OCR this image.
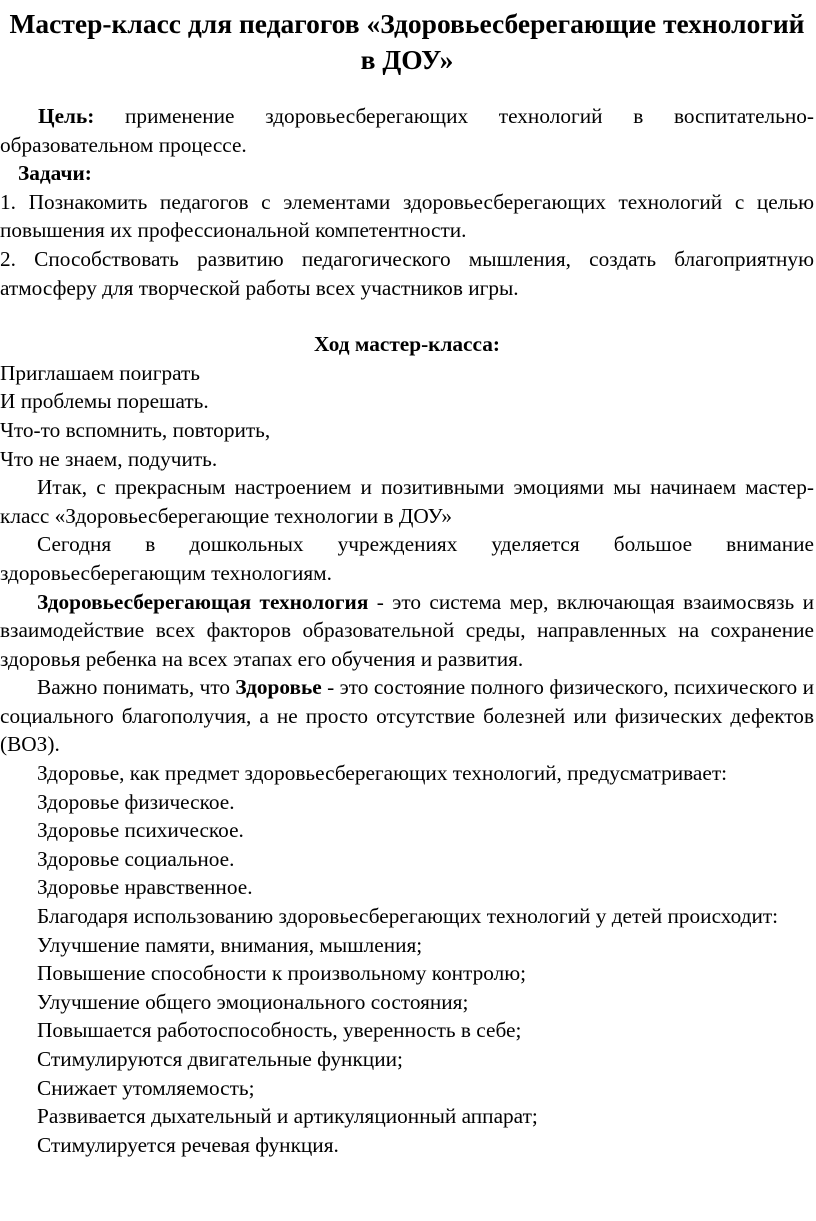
Мастер-класс для педагогов «Здоровьесберегающие технологий в ДОУ»

Цель: применение здоровьесберегающих технологий в воспитательно-образовательном процессе.

Задачи:

1. Познакомить педагогов с элементами здоровьесберегающих технологий с целью повышения их профессиональной компетентности.

2. Способствовать развитию педагогического мышления, создать благоприятную атмосферу для творческой работы всех участников игры.

Ход мастер-класса:

Приглашаем поиграть

И проблемы порешать.

Что-то вспомнить, повторить,

Что не знаем, подучить.

Итак, с прекрасным настроением и позитивными эмоциями мы начинаем мастер-класс «Здоровьесберегающие технологии в ДОУ»

Сегодня в дошкольных учреждениях уделяется большое внимание здоровьесберегающим технологиям.

Здоровьесберегающая технология - это система мер, включающая взаимосвязь и взаимодействие всех факторов образовательной среды, направленных на сохранение здоровья ребенка на всех этапах его обучения и развития.

Важно понимать, что Здоровье - это состояние полного физического, психического и социального благополучия, а не просто отсутствие болезней или физических дефектов (ВОЗ).

Здоровье, как предмет здоровьесберегающих технологий, предусматривает:

Здоровье физическое.

Здоровье психическое.

Здоровье социальное.

Здоровье нравственное.

Благодаря использованию здоровьесберегающих технологий у детей происходит:

Улучшение памяти, внимания, мышления;

Повышение способности к произвольному контролю;

Улучшение общего эмоционального состояния;

Повышается работоспособность, уверенность в себе;

Стимулируются двигательные функции;

Снижает утомляемость;

Развивается дыхательный и артикуляционный аппарат;

Стимулируется речевая функция.
